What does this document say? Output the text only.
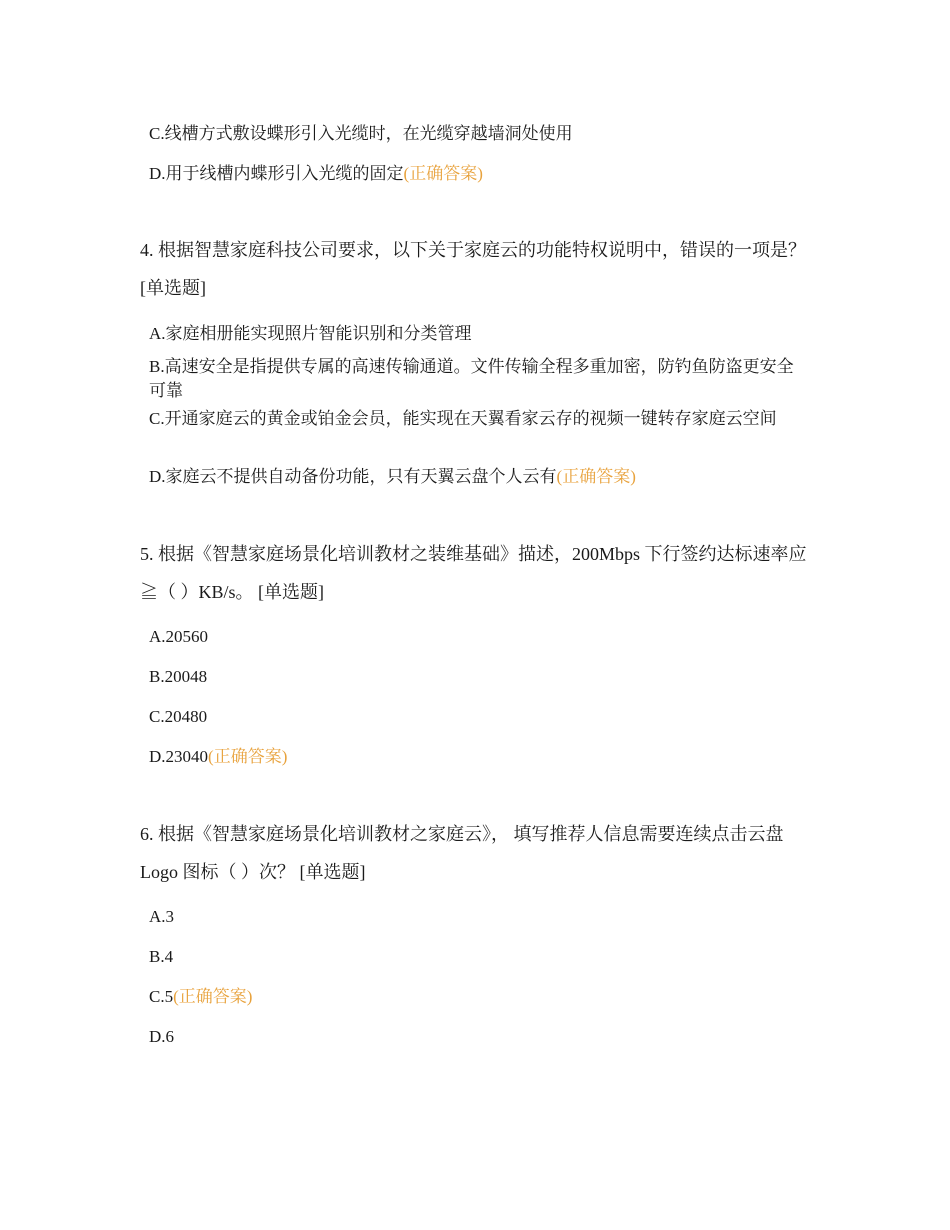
C.线槽方式敷设蝶形引入光缆时，在光缆穿越墙洞处使用
D.用于线槽内蝶形引入光缆的固定(正确答案)
4. 根据智慧家庭科技公司要求，以下关于家庭云的功能特权说明中，错误的一项是？ [单选题]
A.家庭相册能实现照片智能识别和分类管理
B.高速安全是指提供专属的高速传输通道。文件传输全程多重加密，防钓鱼防盗更安全可靠
C.开通家庭云的黄金或铂金会员，能实现在天翼看家云存的视频一键转存家庭云空间
D.家庭云不提供自动备份功能，只有天翼云盘个人云有(正确答案)
5. 根据《智慧家庭场景化培训教材之装维基础》描述，200Mbps 下行签约达标速率应≧（ ）KB/s。 [单选题]
A.20560
B.20048
C.20480
D.23040(正确答案)
6. 根据《智慧家庭场景化培训教材之家庭云》， 填写推荐人信息需要连续点击云盘 Logo 图标（ ）次？ [单选题]
A.3
B.4
C.5(正确答案)
D.6
